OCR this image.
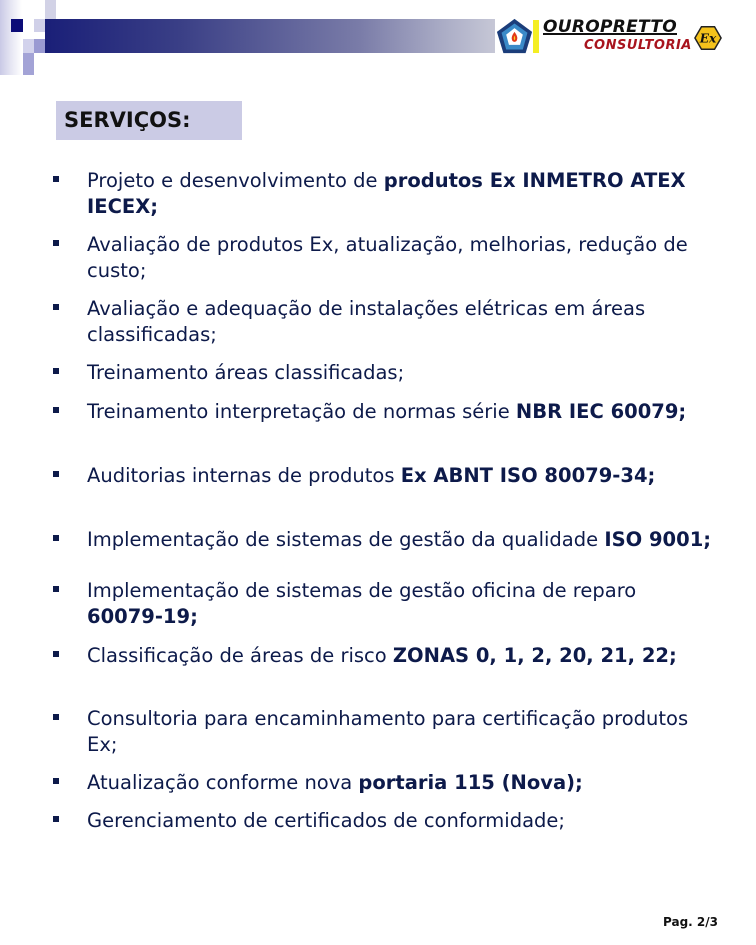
OUROPRETTO
CONSULTORIA Ex
SERVIÇOS:
Projeto e desenvolvimento de produtos Ex INMETRO ATEX IECEX;
Avaliação de produtos Ex, atualização, melhorias, redução de custo;
Avaliação e adequação de instalações elétricas em áreas classificadas;
Treinamento áreas classificadas;
Treinamento interpretação de normas série NBR IEC 60079;
Auditorias internas de produtos Ex ABNT ISO 80079-34;
Implementação de sistemas de gestão da qualidade ISO 9001;
Implementação de sistemas de gestão oficina de reparo 60079-19;
Classificação de áreas de risco ZONAS 0, 1, 2, 20, 21, 22;
Consultoria para encaminhamento para certificação produtos Ex;
Atualização conforme nova portaria 115 (Nova);
Gerenciamento de certificados de conformidade;
Pag. 2/3
